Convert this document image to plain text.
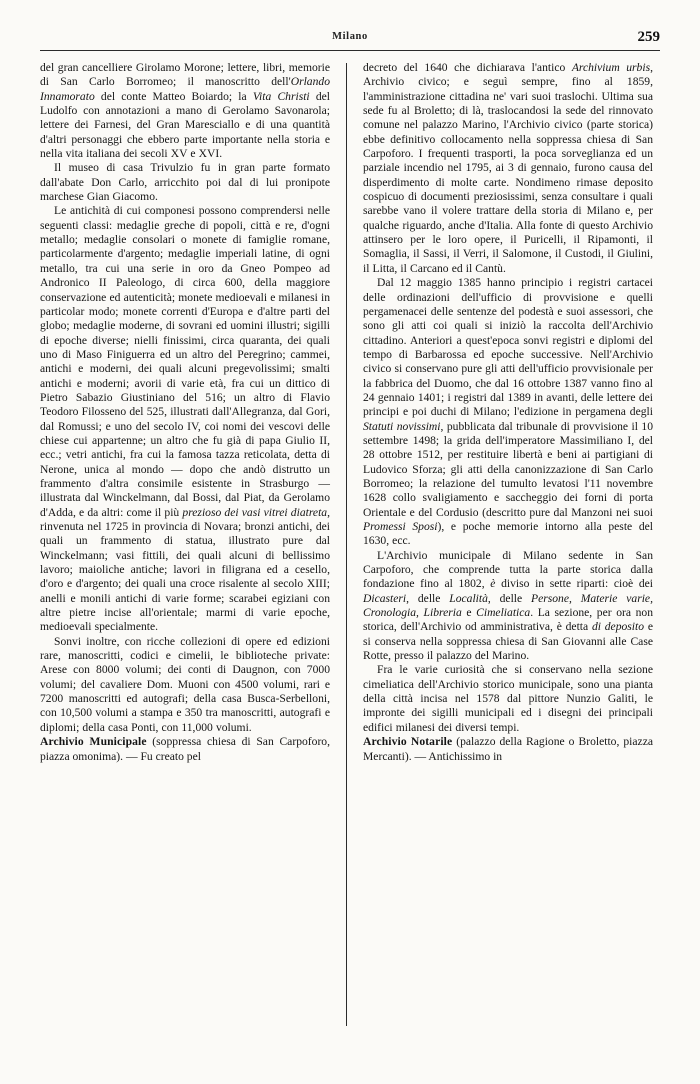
Milano	259

del gran cancelliere Girolamo Morone; lettere, libri, memorie di San Carlo Borromeo; il manoscritto dell'Orlando Innamorato del conte Matteo Boiardo; la Vita Christi del Ludolfo con annotazioni a mano di Gerolamo Savonarola; lettere dei Farnesi, del Gran Maresciallo e di una quantità d'altri personaggi che ebbero parte importante nella storia e nella vita italiana dei secoli XV e XVI.

Il museo di casa Trivulzio fu in gran parte formato dall'abate Don Carlo, arricchito poi dal di lui pronipote marchese Gian Giacomo.

Le antichità di cui componesi possono comprendersi nelle seguenti classi: medaglie greche di popoli, città e re, d'ogni metallo; medaglie consolari o monete di famiglie romane, particolarmente d'argento; medaglie imperiali latine, di ogni metallo, tra cui una serie in oro da Gneo Pompeo ad Andronico II Paleologo, di circa 600, della maggiore conservazione ed autenticità; monete medioevali e milanesi in particolar modo; monete correnti d'Europa e d'altre parti del globo; medaglie moderne, di sovrani ed uomini illustri; sigilli di epoche diverse; nielli finissimi, circa quaranta, dei quali uno di Maso Finiguerra ed un altro del Peregrino; cammei, antichi e moderni, dei quali alcuni pregevolissimi; smalti antichi e moderni; avorii di varie età, fra cui un dittico di Pietro Sabazio Giustiniano del 516; un altro di Flavio Teodoro Filosseno del 525, illustrati dall'Allegranza, dal Gori, dal Romussi; e uno del secolo IV, coi nomi dei vescovi delle chiese cui appartenne; un altro che fu già di papa Giulio II, ecc.; vetri antichi, fra cui la famosa tazza reticolata, detta di Nerone, unica al mondo — dopo che andò distrutto un frammento d'altra consimile esistente in Strasburgo — illustrata dal Winckelmann, dal Bossi, dal Piat, da Gerolamo d'Adda, e da altri: come il più prezioso dei vasi vitrei diatreta, rinvenuta nel 1725 in provincia di Novara; bronzi antichi, dei quali un frammento di statua, illustrato pure dal Winckelmann; vasi fittili, dei quali alcuni di bellissimo lavoro; maioliche antiche; lavori in filigrana ed a cesello, d'oro e d'argento; dei quali una croce risalente al secolo XIII; anelli e monili antichi di varie forme; scarabei egiziani con altre pietre incise all'orientale; marmi di varie epoche, medioevali specialmente.

Sonvi inoltre, con ricche collezioni di opere ed edizioni rare, manoscritti, codici e cimelii, le biblioteche private: Arese con 8000 volumi; dei conti di Daugnon, con 7000 volumi; del cavaliere Dom. Muoni con 4500 volumi, rari e 7200 manoscritti ed autografi; della casa Busca-Serbelloni, con 10,500 volumi a stampa e 350 tra manoscritti, autografi e diplomi; della casa Ponti, con 11,000 volumi.

Archivio Municipale (soppressa chiesa di San Carpoforo, piazza omonima). — Fu creato pel

decreto del 1640 che dichiarava l'antico Archivium urbis, Archivio civico; e seguì sempre, fino al 1859, l'amministrazione cittadina ne' vari suoi traslochi. Ultima sua sede fu al Broletto; di là, traslocandosi la sede del rinnovato comune nel palazzo Marino, l'Archivio civico (parte storica) ebbe definitivo collocamento nella soppressa chiesa di San Carpoforo. I frequenti trasporti, la poca sorveglianza ed un parziale incendio nel 1795, ai 3 di gennaio, furono causa del disperdimento di molte carte. Nondimeno rimase deposito cospicuo di documenti preziosissimi, senza consultare i quali sarebbe vano il volere trattare della storia di Milano e, per qualche riguardo, anche d'Italia. Alla fonte di questo Archivio attinsero per le loro opere, il Puricelli, il Ripamonti, il Somaglia, il Sassi, il Verri, il Salomone, il Custodi, il Giulini, il Litta, il Carcano ed il Cantù.

Dal 12 maggio 1385 hanno principio i registri cartacei delle ordinazioni dell'ufficio di provvisione e quelli pergamenacei delle sentenze del podestà e suoi assessori, che sono gli atti coi quali si iniziò la raccolta dell'Archivio cittadino. Anteriori a quest'epoca sonvi registri e diplomi del tempo di Barbarossa ed epoche successive. Nell'Archivio civico si conservano pure gli atti dell'ufficio provvisionale per la fabbrica del Duomo, che dal 16 ottobre 1387 vanno fino al 24 gennaio 1401; i registri dal 1389 in avanti, delle lettere dei principi e poi duchi di Milano; l'edizione in pergamena degli Statuti novissimi, pubblicata dal tribunale di provvisione il 10 settembre 1498; la grida dell'imperatore Massimiliano I, del 28 ottobre 1512, per restituire libertà e beni ai partigiani di Ludovico Sforza; gli atti della canonizzazione di San Carlo Borromeo; la relazione del tumulto levatosi l'11 novembre 1628 collo svaligiamento e saccheggio dei forni di porta Orientale e del Cordusio (descritto pure dal Manzoni nei suoi Promessi Sposi), e poche memorie intorno alla peste del 1630, ecc.

L'Archivio municipale di Milano sedente in San Carpoforo, che comprende tutta la parte storica dalla fondazione fino al 1802, è diviso in sette riparti: cioè dei Dicasteri, delle Località, delle Persone, Materie varie, Cronologia, Libreria e Cimeliatica. La sezione, per ora non storica, dell'Archivio od amministrativa, è detta di deposito e si conserva nella soppressa chiesa di San Giovanni alle Case Rotte, presso il palazzo del Marino.

Fra le varie curiosità che si conservano nella sezione cimeliatica dell'Archivio storico municipale, sono una pianta della città incisa nel 1578 dal pittore Nunzio Galiti, le impronte dei sigilli municipali ed i disegni dei principali edifici milanesi dei diversi tempi.

Archivio Notarile (palazzo della Ragione o Broletto, piazza Mercanti). — Antichissimo in
